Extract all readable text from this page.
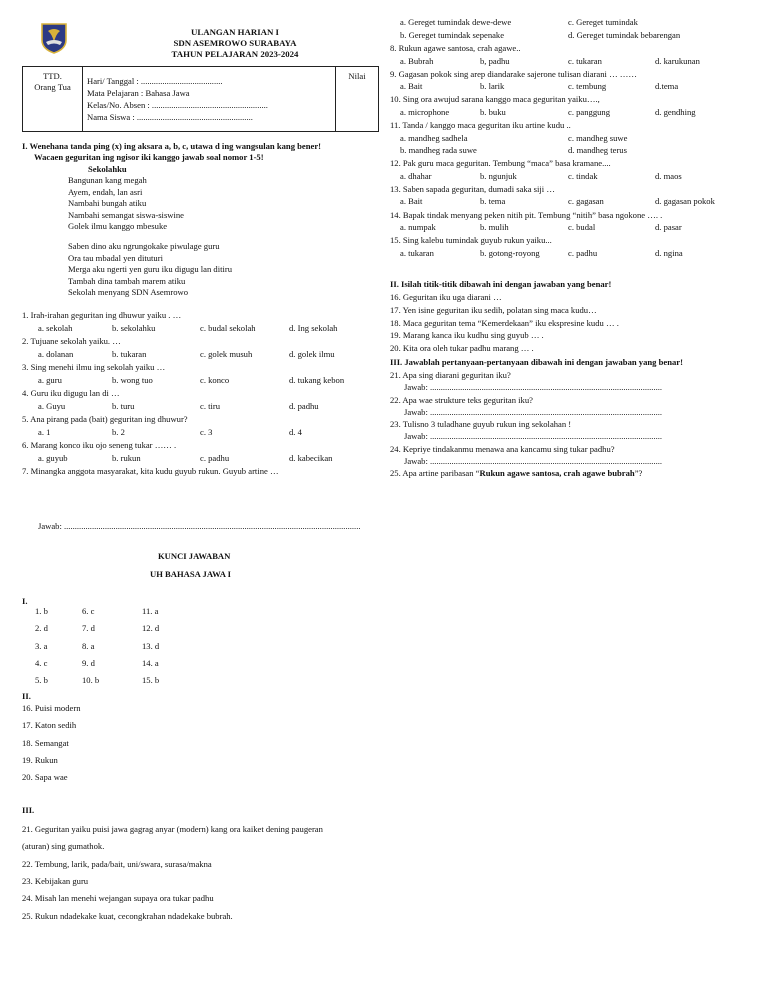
ULANGAN HARIAN I
SDN ASEMROWO SURABAYA
TAHUN PELAJARAN 2023-2024
TTD.
Orang Tua
Hari/ Tanggal : ......................................
Mata Pelajaran : Bahasa Jawa
Kelas/No. Absen : ......................................................
Nama Siswa : ......................................................
Nilai
I. Wenehana tanda ping (x) ing aksara a, b, c, utawa d ing wangsulan kang bener!
Wacaen geguritan ing ngisor iki kanggo jawab soal nomor 1-5!
Sekolahku
Bangunan kang megah
Ayem, endah, lan asri
Nambahi bungah atiku
Nambahi semangat siswa-siswine
Golek ilmu kanggo mbesuke
Saben dino aku ngrungokake piwulage guru
Ora tau mbadal yen dituturi
Merga aku ngerti yen guru iku digugu lan ditiru
Tambah dina tambah marem atiku
Sekolah menyang SDN Asemrowo
1. Irah-irahan geguritan ing dhuwur yaiku . …
a. sekolah	b. sekolahku	c. budal sekolah	d. Ing sekolah
2. Tujuane sekolah yaiku. …
a. dolanan	b. tukaran	c. golek musuh	d. golek ilmu
3. Sing menehi ilmu ing sekolah yaiku …
a. guru	b. wong tuo	c. konco	d. tukang kebon
4. Guru iku digugu lan di …
a. Guyu	b. turu	c. tiru	d. padhu
5. Ana pirang pada (bait) geguritan ing dhuwur?
a. 1	b. 2	c. 3	d. 4
6. Marang konco iku ojo seneng tukar …… .
a. guyub	b. rukun	c. padhu	d. kabecikan
7. Minangka anggota masyarakat, kita kudu guyub rukun. Guyub artine …
Jawab: ..........................................................................................................................................
a. Gereget tumindak dewe-dewe	c. Gereget tumindak
b. Gereget tumindak sepenake	d. Gereget tumindak bebarengan
8. Rukun agawe santosa, crah agawe..
a. Bubrah	b, padhu	c. tukaran	d. karukunan
9. Gagasan pokok sing arep diandarake sajerone tulisan diarani … ……
a. Bait	b. larik	c. tembung	d.tema
10. Sing ora awujud sarana kanggo maca geguritan yaiku….,
a. microphone	b. buku	c. panggung	d. gendhing
11. Tanda / kanggo maca geguritan iku artine kudu ..
a. mandheg sadhela	c. mandheg suwe
b. mandheg rada suwe	d. mandheg terus
12. Pak guru maca geguritan. Tembung “maca” basa kramane....
a. dhahar	b. ngunjuk	c. tindak	d. maos
13. Saben sapada geguritan, dumadi saka siji …
a. Bait	b. tema	c. gagasan	d. gagasan pokok
14. Bapak tindak menyang peken nitih pit. Tembung “nitih” basa ngokone …. .
a. numpak	b. mulih	c. budal	d. pasar
15. Sing kalebu tumindak guyub rukun yaiku...
a. tukaran	b. gotong-royong	c. padhu	d. ngina
II. Isilah titik-titik dibawah ini dengan jawaban yang benar!
16. Geguritan iku uga diarani …
17. Yen isine geguritan iku sedih, polatan sing maca kudu…
18. Maca geguritan tema “Kemerdekaan” iku ekspresine kudu … .
19. Marang kanca iku kudhu sing guyub … .
20. Kita ora oleh tukar padhu marang … .
III. Jawablah pertanyaan-pertanyaan dibawah ini dengan jawaban yang benar!
21. Apa sing diarani geguritan iku?
Jawab: ............................................................................................................
22. Apa wae strukture teks geguritan iku?
Jawab: ............................................................................................................
23. Tulisno 3 tuladhane guyub rukun ing sekolahan !
Jawab: ............................................................................................................
24. Kepriye tindakanmu menawa ana kancamu sing tukar padhu?
Jawab: ............................................................................................................
25. Apa artine paribasan “Rukun agawe santosa, crah agawe bubrah”?
KUNCI JAWABAN
UH BAHASA JAWA I
I.
1. b	6. c	11. a
2. d	7. d	12. d
3. a	8. a	13. d
4. c	9. d	14. a
5. b	10. b	15. b
II.
16. Puisi modern
17. Katon sedih
18. Semangat
19. Rukun
20. Sapa wae
III.
21. Geguritan yaiku puisi jawa gagrag anyar (modern) kang ora kaiket dening paugeran
(aturan) sing gumathok.
22. Tembung, larik, pada/bait, uni/swara, surasa/makna
23. Kebijakan guru
24. Misah lan menehi wejangan supaya ora tukar padhu
25. Rukun ndadekake kuat, cecongkrahan ndadekake bubrah.
